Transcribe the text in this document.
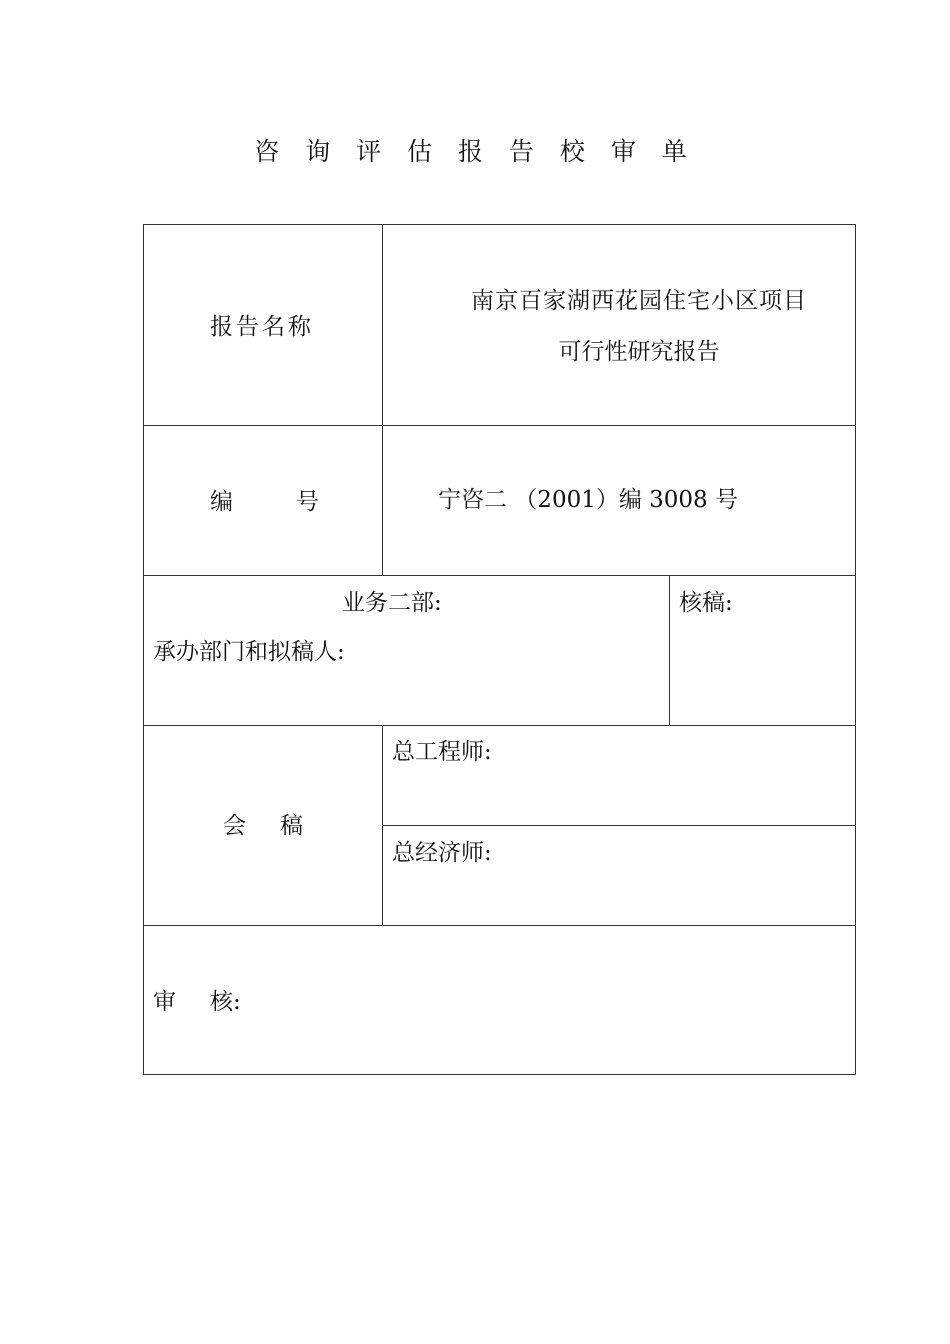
咨 询 评 估 报 告 校 审 单
报告名称
南京百家湖西花园住宅小区项目
可行性研究报告
编	号	宁咨二 （2001）编 3008 号
业务二部:
承办部门和拟稿人:
核稿:
会 稿
总工程师:
总经济师:
审 核:
